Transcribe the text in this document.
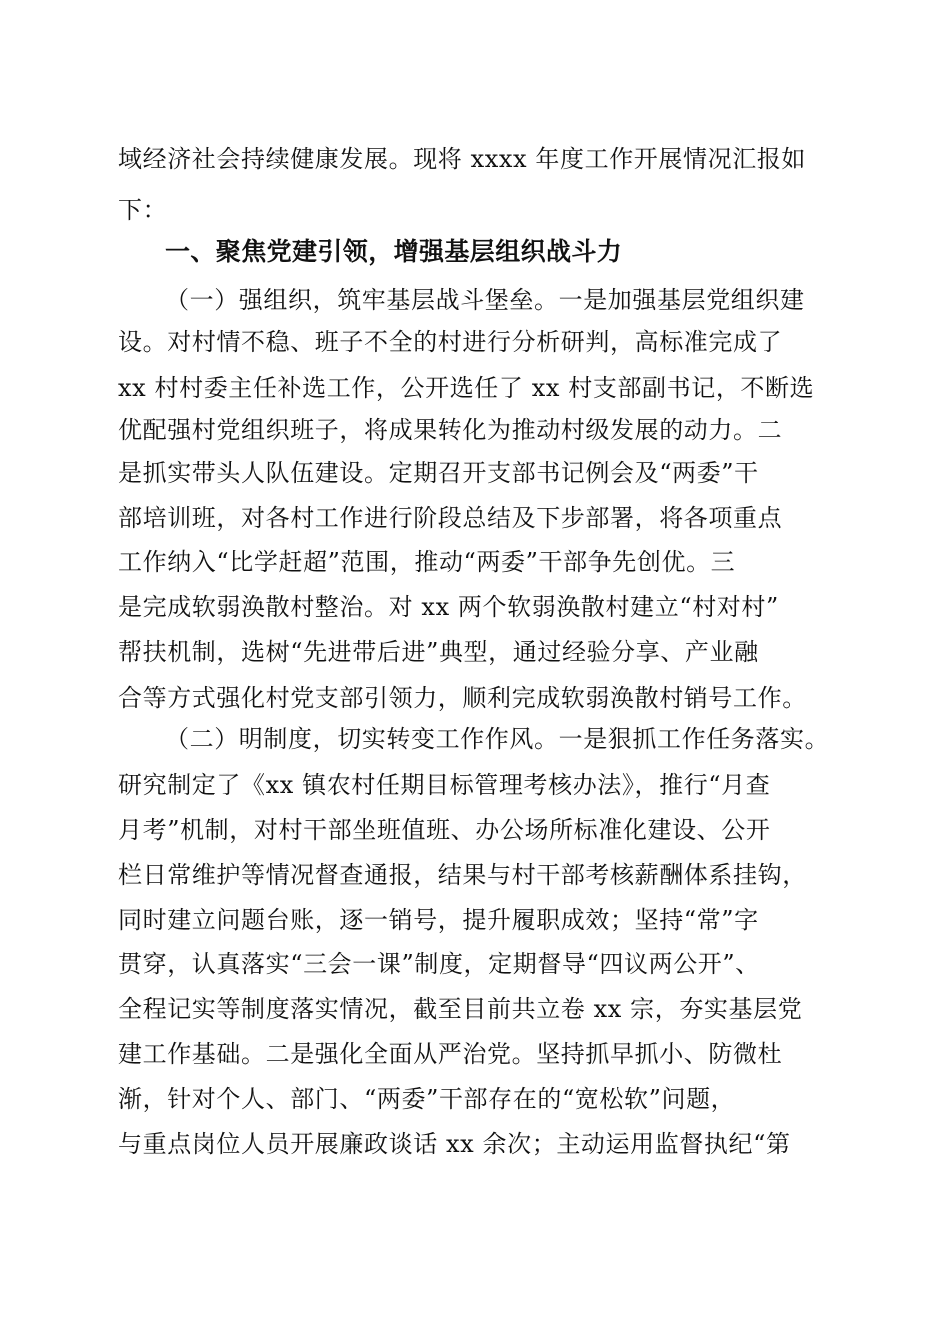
域经济社会持续健康发展。现将 xxxx 年度工作开展情况汇报如
下：
一、聚焦党建引领，增强基层组织战斗力
（一）强组织，筑牢基层战斗堡垒。一是加强基层党组织建
设。对村情不稳、班子不全的村进行分析研判，高标准完成了
xx 村村委主任补选工作，公开选任了 xx 村支部副书记，不断选
优配强村党组织班子，将成果转化为推动村级发展的动力。二
是抓实带头人队伍建设。定期召开支部书记例会及“两委”干
部培训班，对各村工作进行阶段总结及下步部署，将各项重点
工作纳入“比学赶超”范围，推动“两委”干部争先创优。三
是完成软弱涣散村整治。对 xx 两个软弱涣散村建立“村对村”
帮扶机制，选树“先进带后进”典型，通过经验分享、产业融
合等方式强化村党支部引领力，顺利完成软弱涣散村销号工作。
（二）明制度，切实转变工作作风。一是狠抓工作任务落实。
研究制定了《xx 镇农村任期目标管理考核办法》，推行“月查
月考”机制，对村干部坐班值班、办公场所标准化建设、公开
栏日常维护等情况督查通报，结果与村干部考核薪酬体系挂钩，
同时建立问题台账，逐一销号，提升履职成效；坚持“常”字
贯穿，认真落实“三会一课”制度，定期督导“四议两公开”、
全程记实等制度落实情况，截至目前共立卷 xx 宗，夯实基层党
建工作基础。二是强化全面从严治党。坚持抓早抓小、防微杜
渐，针对个人、部门、“两委”干部存在的“宽松软”问题，
与重点岗位人员开展廉政谈话 xx 余次；主动运用监督执纪“第
